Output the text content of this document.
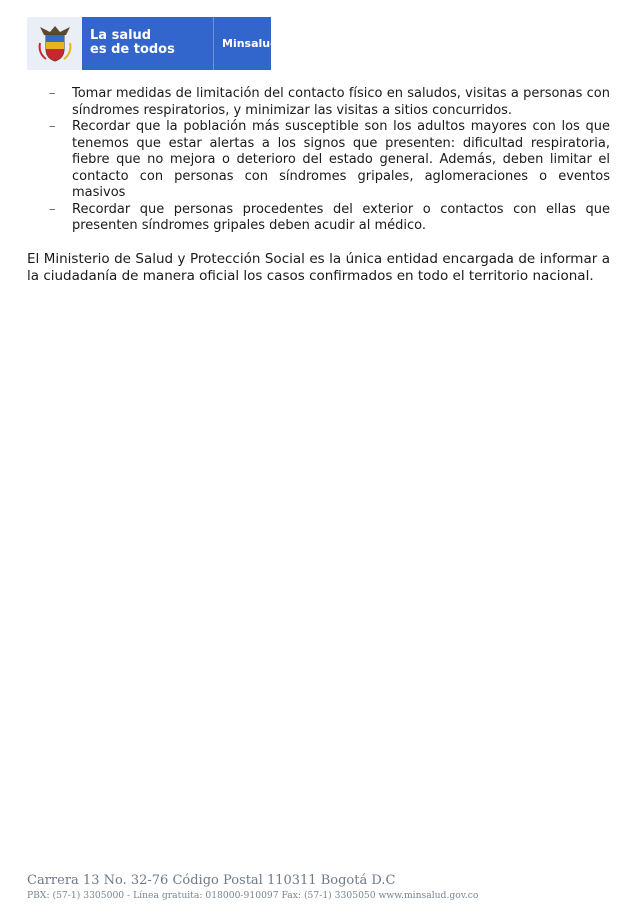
La salud
es de todos	Minsalud
– Tomar medidas de limitación del contacto físico en saludos, visitas a personas con síndromes respiratorios, y minimizar las visitas a sitios concurridos.
– Recordar que la población más susceptible son los adultos mayores con los que tenemos que estar alertas a los signos que presenten: dificultad respiratoria, fiebre que no mejora o deterioro del estado general. Además, deben limitar el contacto con personas con síndromes gripales, aglomeraciones o eventos masivos
– Recordar que personas procedentes del exterior o contactos con ellas que presenten síndromes gripales deben acudir al médico.

El Ministerio de Salud y Protección Social es la única entidad encargada de informar a la ciudadanía de manera oficial los casos confirmados en todo el territorio nacional.

Carrera 13 No. 32-76 Código Postal 110311 Bogotá D.C
PBX: (57-1) 3305000 - Línea gratuita: 018000-910097 Fax: (57-1) 3305050 www.minsalud.gov.co
